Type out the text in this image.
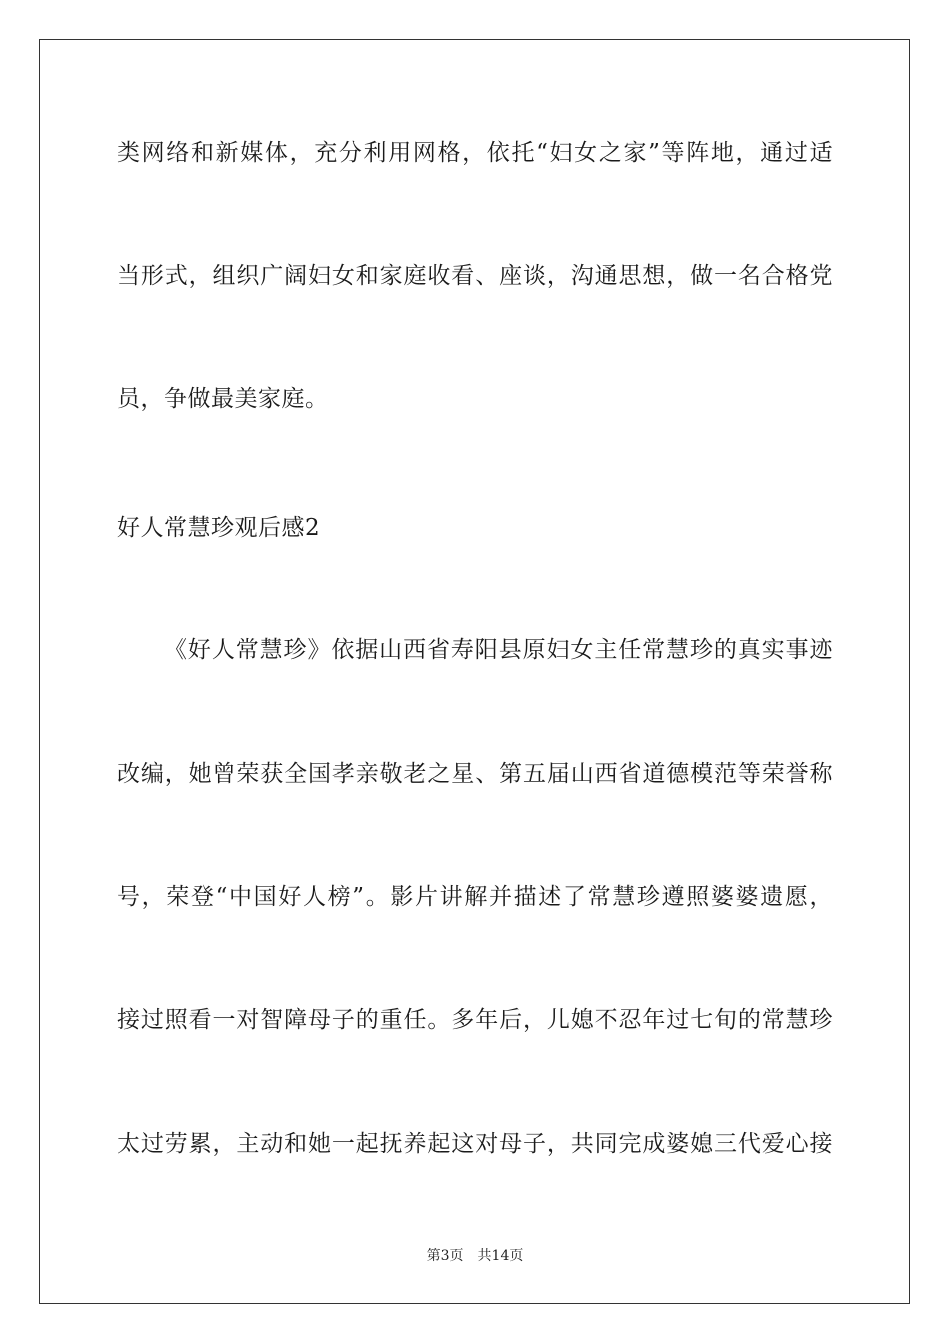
类网络和新媒体，充分利用网格，依托“妇女之家”等阵地，通过适
当形式，组织广阔妇女和家庭收看、座谈，沟通思想，做一名合格党
员，争做最美家庭。
好人常慧珍观后感2
《好人常慧珍》依据山西省寿阳县原妇女主任常慧珍的真实事迹
改编，她曾荣获全国孝亲敬老之星、第五届山西省道德模范等荣誉称
号，荣登“中国好人榜”。影片讲解并描述了常慧珍遵照婆婆遗愿，
接过照看一对智障母子的重任。多年后，儿媳不忍年过七旬的常慧珍
太过劳累，主动和她一起抚养起这对母子，共同完成婆媳三代爱心接
第3页 共14页
